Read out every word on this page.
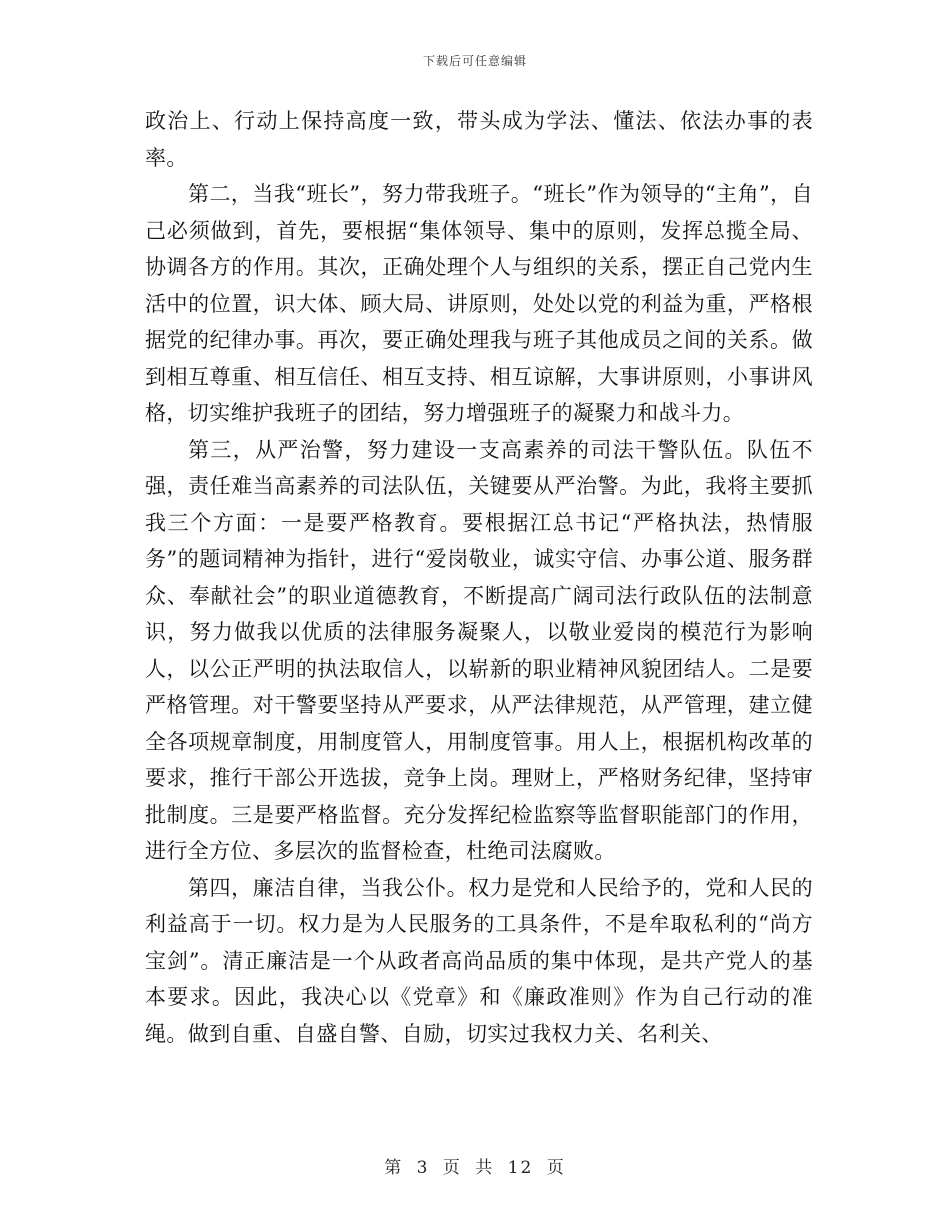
下载后可任意编辑

政治上、行动上保持高度一致，带头成为学法、懂法、依法办事的表率。

第二，当我“班长”，努力带我班子。“班长”作为领导的“主角”，自己必须做到，首先，要根据“集体领导、集中的原则，发挥总揽全局、协调各方的作用。其次，正确处理个人与组织的关系，摆正自己党内生活中的位置，识大体、顾大局、讲原则，处处以党的利益为重，严格根据党的纪律办事。再次，要正确处理我与班子其他成员之间的关系。做到相互尊重、相互信任、相互支持、相互谅解，大事讲原则，小事讲风格，切实维护我班子的团结，努力增强班子的凝聚力和战斗力。

第三，从严治警，努力建设一支高素养的司法干警队伍。队伍不强，责任难当高素养的司法队伍，关键要从严治警。为此，我将主要抓我三个方面：一是要严格教育。要根据江总书记“严格执法，热情服务”的题词精神为指针，进行“爱岗敬业，诚实守信、办事公道、服务群众、奉献社会”的职业道德教育，不断提高广阔司法行政队伍的法制意识，努力做我以优质的法律服务凝聚人，以敬业爱岗的模范行为影响人，以公正严明的执法取信人，以崭新的职业精神风貌团结人。二是要严格管理。对干警要坚持从严要求，从严法律规范，从严管理，建立健全各项规章制度，用制度管人，用制度管事。用人上，根据机构改革的要求，推行干部公开选拔，竞争上岗。理财上，严格财务纪律，坚持审批制度。三是要严格监督。充分发挥纪检监察等监督职能部门的作用，进行全方位、多层次的监督检查，杜绝司法腐败。

第四，廉洁自律，当我公仆。权力是党和人民给予的，党和人民的利益高于一切。权力是为人民服务的工具条件，不是牟取私利的“尚方宝剑”。清正廉洁是一个从政者高尚品质的集中体现，是共产党人的基本要求。因此，我决心以《党章》和《廉政准则》作为自己行动的准绳。做到自重、自盛自警、自励，切实过我权力关、名利关、

第 3 页 共 12 页
